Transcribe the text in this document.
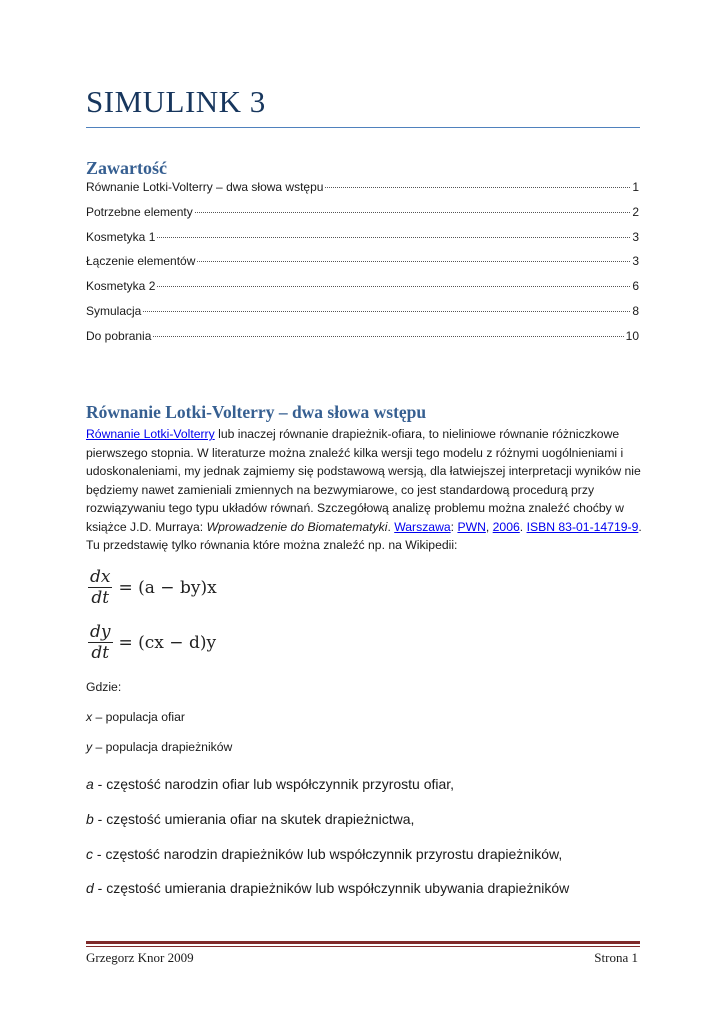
SIMULINK 3
Zawartość
Równanie Lotki-Volterry – dwa słowa wstępu	1
Potrzebne elementy	2
Kosmetyka 1	3
Łączenie elementów	3
Kosmetyka 2	6
Symulacja	8
Do pobrania	10
Równanie Lotki-Volterry – dwa słowa wstępu
Równanie Lotki-Volterry lub inaczej równanie drapieżnik-ofiara, to nieliniowe równanie różniczkowe pierwszego stopnia. W literaturze można znaleźć kilka wersji tego modelu z różnymi uogólnieniami i udoskonaleniami, my jednak zajmiemy się podstawową wersją, dla łatwiejszej interpretacji wyników nie będziemy nawet zamieniali zmiennych na bezwymiarowe, co jest standardową procedurą przy rozwiązywaniu tego typu układów równań. Szczegółową analizę problemu można znaleźć choćby w książce J.D. Murraya: Wprowadzenie do Biomatematyki. Warszawa: PWN, 2006. ISBN 83-01-14719-9. Tu przedstawię tylko równania które można znaleźć np. na Wikipedii:
$\frac{dx}{dt} = (a - by)x$
$\frac{dy}{dt} = (cx - d)y$
Gdzie:
x – populacja ofiar
y – populacja drapieżników
a - częstość narodzin ofiar lub współczynnik przyrostu ofiar,
b - częstość umierania ofiar na skutek drapieżnictwa,
c - częstość narodzin drapieżników lub współczynnik przyrostu drapieżników,
d - częstość umierania drapieżników lub współczynnik ubywania drapieżników
Grzegorz Knor 2009	Strona 1
